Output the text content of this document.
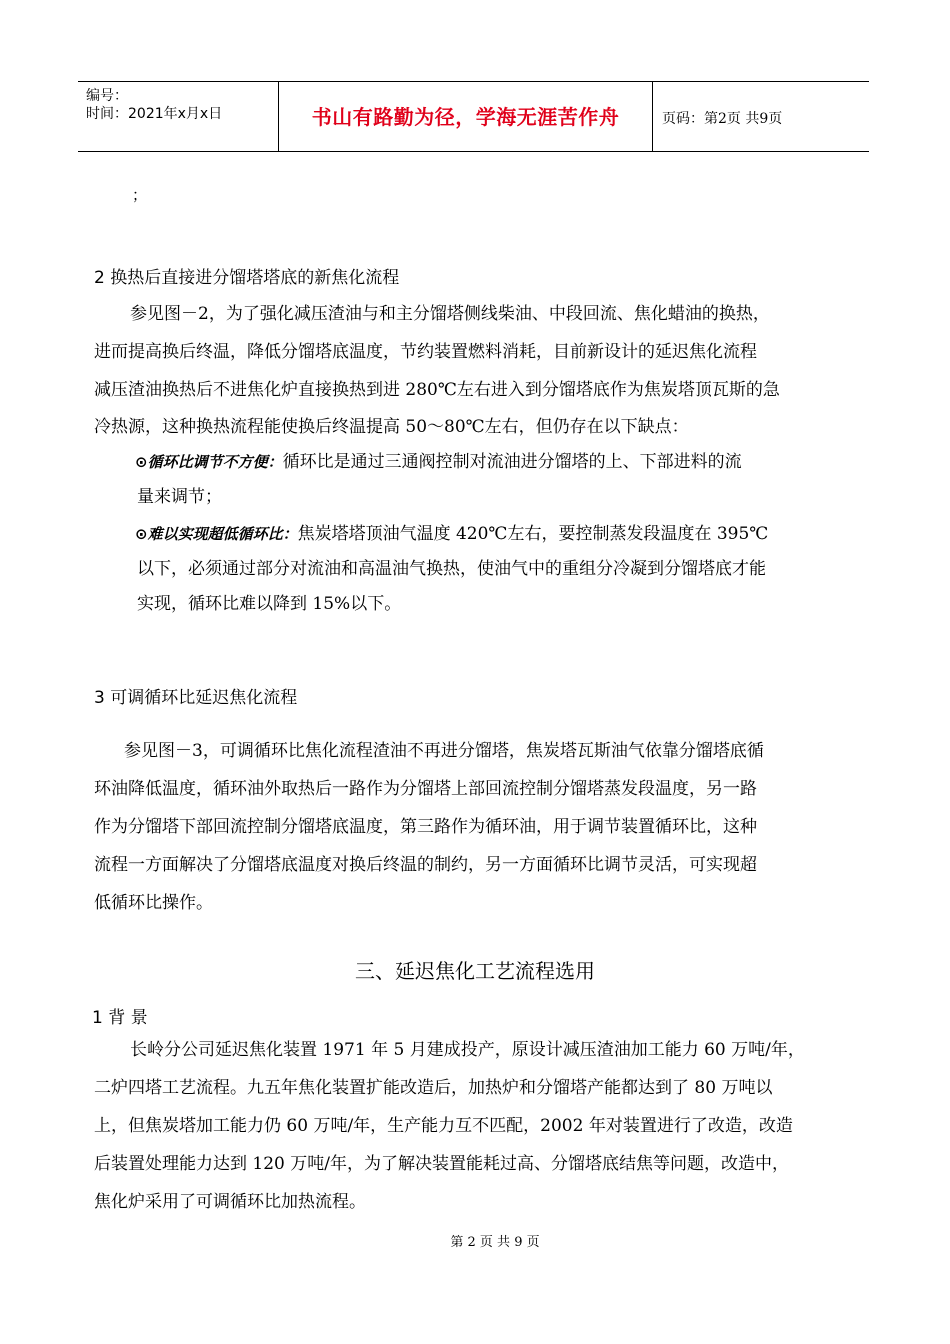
编号：
时间：2021年x月x日	书山有路勤为径，学海无涯苦作舟	页码：第2页 共9页
；
2 换热后直接进分馏塔塔底的新焦化流程
参见图－2，为了强化减压渣油与和主分馏塔侧线柴油、中段回流、焦化蜡油的换热，
进而提高换后终温，降低分馏塔底温度，节约装置燃料消耗，目前新设计的延迟焦化流程
减压渣油换热后不进焦化炉直接换热到进 280℃左右进入到分馏塔底作为焦炭塔顶瓦斯的急
冷热源，这种换热流程能使换后终温提高 50～80℃左右，但仍存在以下缺点：
⊙循环比调节不方便：循环比是通过三通阀控制对流油进分馏塔的上、下部进料的流
量来调节；
⊙难以实现超低循环比：焦炭塔塔顶油气温度 420℃左右，要控制蒸发段温度在 395℃
以下，必须通过部分对流油和高温油气换热，使油气中的重组分冷凝到分馏塔底才能
实现，循环比难以降到 15%以下。
3 可调循环比延迟焦化流程
参见图－3，可调循环比焦化流程渣油不再进分馏塔，焦炭塔瓦斯油气依靠分馏塔底循
环油降低温度，循环油外取热后一路作为分馏塔上部回流控制分馏塔蒸发段温度，另一路
作为分馏塔下部回流控制分馏塔底温度，第三路作为循环油，用于调节装置循环比，这种
流程一方面解决了分馏塔底温度对换后终温的制约，另一方面循环比调节灵活，可实现超
低循环比操作。
三、延迟焦化工艺流程选用
1 背 景
长岭分公司延迟焦化装置 1971 年 5 月建成投产，原设计减压渣油加工能力 60 万吨/年，
二炉四塔工艺流程。九五年焦化装置扩能改造后，加热炉和分馏塔产能都达到了 80 万吨以
上，但焦炭塔加工能力仍 60 万吨/年，生产能力互不匹配，2002 年对装置进行了改造，改造
后装置处理能力达到 120 万吨/年，为了解决装置能耗过高、分馏塔底结焦等问题，改造中，
焦化炉采用了可调循环比加热流程。
第 2 页 共 9 页
